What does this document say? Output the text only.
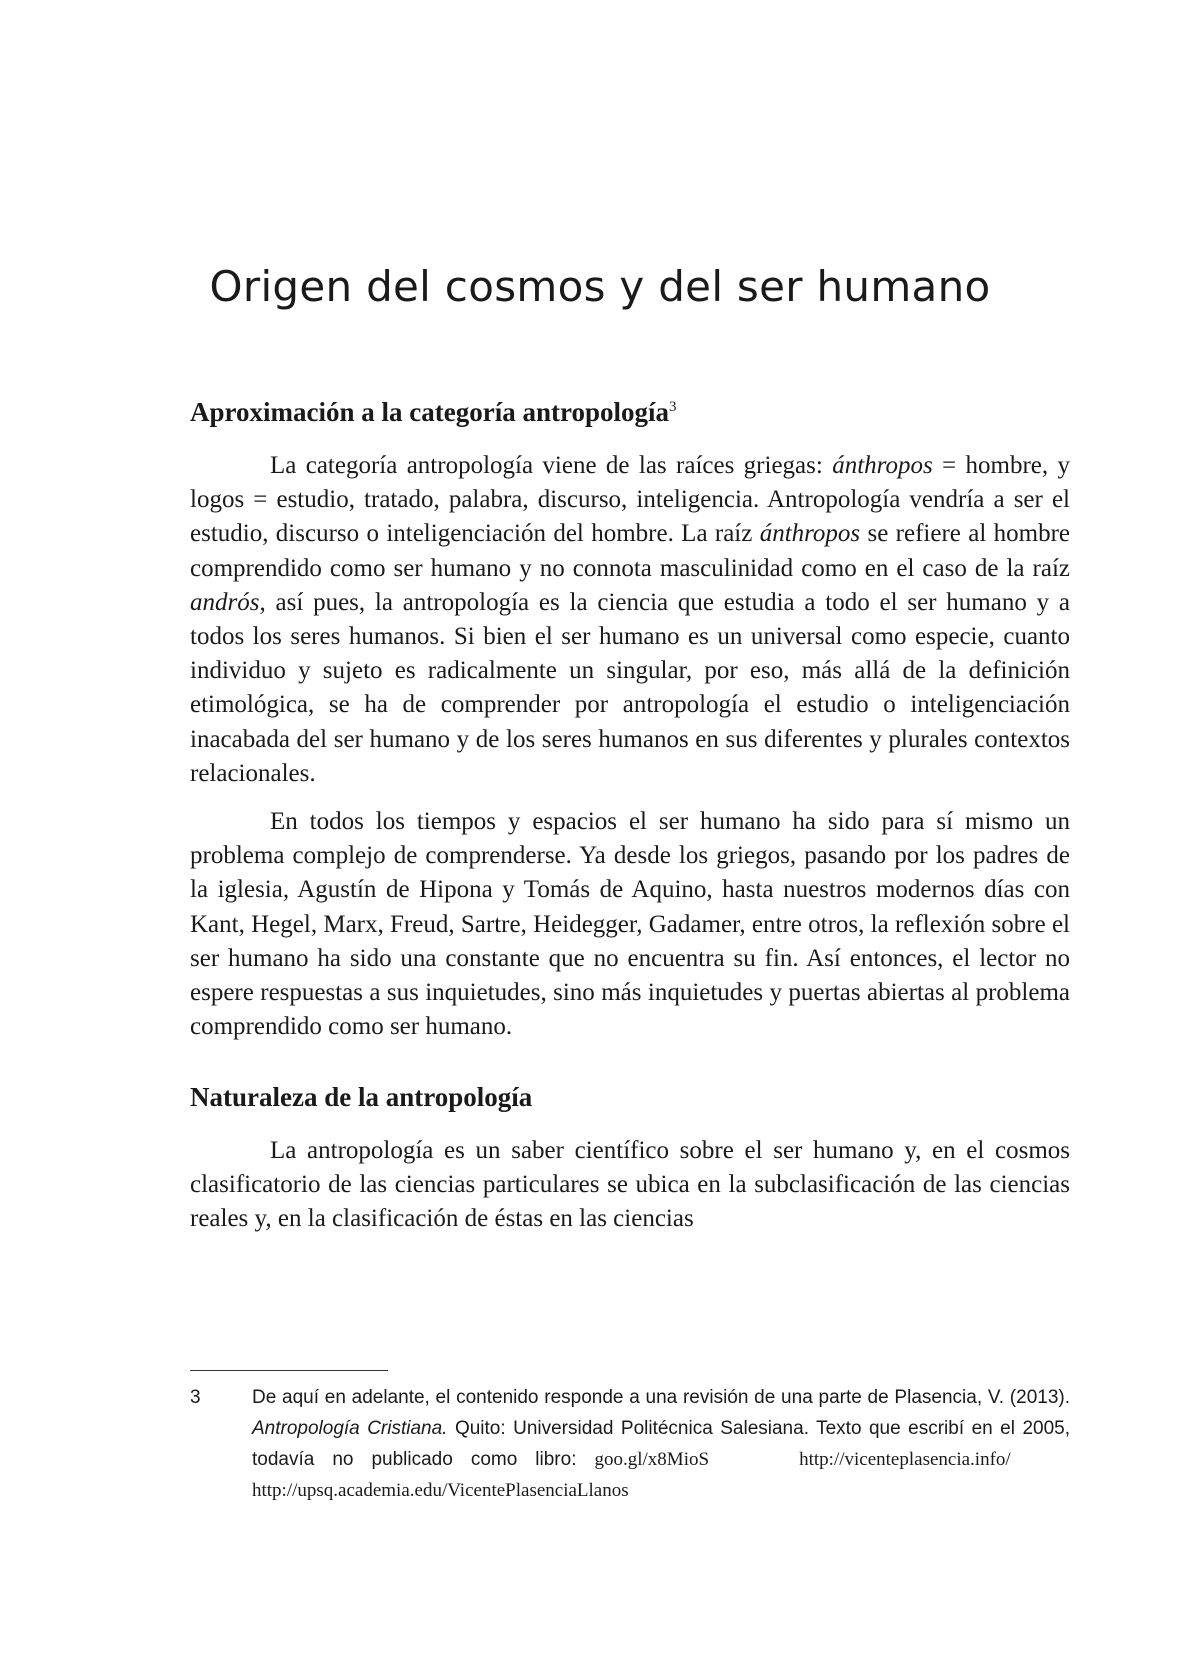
Origen del cosmos y del ser humano
Aproximación a la categoría antropología$^3$

La categoría antropología viene de las raíces griegas: ánthropos = hombre, y logos = estudio, tratado, palabra, discurso, inteligencia. Antropología vendría a ser el estudio, discurso o inteligenciación del hombre. La raíz ánthropos se refiere al hombre comprendido como ser humano y no connota masculinidad como en el caso de la raíz andrós, así pues, la antropología es la ciencia que estudia a todo el ser humano y a todos los seres humanos. Si bien el ser humano es un universal como especie, cuanto individuo y sujeto es radicalmente un singular, por eso, más allá de la definición etimológica, se ha de comprender por antropología el estudio o inteligenciación inacabada del ser humano y de los seres humanos en sus diferentes y plurales contextos relacionales.

En todos los tiempos y espacios el ser humano ha sido para sí mismo un problema complejo de comprenderse. Ya desde los griegos, pasando por los padres de la iglesia, Agustín de Hipona y Tomás de Aquino, hasta nuestros modernos días con Kant, Hegel, Marx, Freud, Sartre, Heidegger, Gadamer, entre otros, la reflexión sobre el ser humano ha sido una constante que no encuentra su fin. Así entonces, el lector no espere respuestas a sus inquietudes, sino más inquietudes y puertas abiertas al problema comprendido como ser humano.

Naturaleza de la antropología

La antropología es un saber científico sobre el ser humano y, en el cosmos clasificatorio de las ciencias particulares se ubica en la subclasificación de las ciencias reales y, en la clasificación de éstas en las ciencias

3	De aquí en adelante, el contenido responde a una revisión de una parte de Plasencia, V. (2013). Antropología Cristiana. Quito: Universidad Politécnica Salesiana. Texto que escribí en el 2005, todavía no publicado como libro: goo.gl/x8MioS	http://vicenteplasencia.info/     http://upsq.academia.edu/VicentePlasenciaLlanos
